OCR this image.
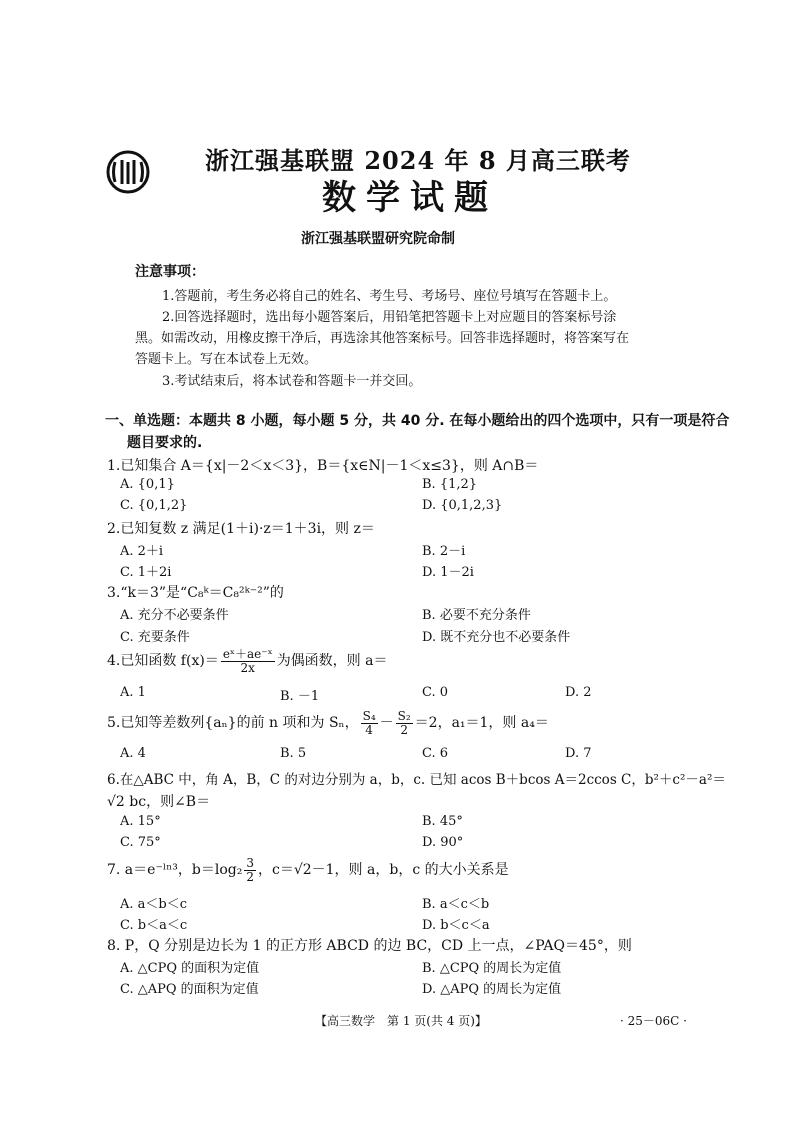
浙江强基联盟 2024 年 8 月高三联考
数学试题
浙江强基联盟研究院命制
注意事项：
1.答题前，考生务必将自己的姓名、考生号、考场号、座位号填写在答题卡上。
2.回答选择题时，选出每小题答案后，用铅笔把答题卡上对应题目的答案标号涂
黑。如需改动，用橡皮擦干净后，再选涂其他答案标号。回答非选择题时，将答案写在
答题卡上。写在本试卷上无效。
3.考试结束后，将本试卷和答题卡一并交回。
一、单选题：本题共 8 小题，每小题 5 分，共 40 分. 在每小题给出的四个选项中，只有一项是符合
题目要求的.
1.已知集合 A＝{x|－2＜x＜3}，B＝{x∈N|－1＜x≤3}，则 A∩B＝
A. {0,1}	B. {1,2}
C. {0,1,2}	D. {0,1,2,3}
2.已知复数 z 满足(1＋i)·z＝1＋3i，则 z＝
A. 2＋i	B. 2－i
C. 1＋2i	D. 1－2i
3.“k＝3”是“C₈ᵏ＝C₈²ᵏ⁻²”的
A. 充分不必要条件	B. 必要不充分条件
C. 充要条件	D. 既不充分也不必要条件
4.已知函数 $f(x)= \frac{\text{eˣ＋ae⁻ˣ}}{2x}$ 为偶函数，则 a＝
A. 1	B. －1	C. 0	D. 2
5.已知等差数列{aₙ}的前 n 项和为 Sₙ， $\frac{\text{S₄}}{4} - \frac{\text{S₂}}{2} =2$，a₁＝1，则 a₄＝
A. 4	B. 5	C. 6	D. 7
6.在△ABC 中，角 A，B，C 的对边分别为 a，b，c. 已知 acos B＋bcos A＝2ccos C，b²＋c²－a²＝
√2 bc，则∠B＝
A. 15°	B. 45°
C. 75°	D. 90°
7. a＝e⁻ˡⁿ³，$b=\log_2 \frac{3}{2}$ ，c＝√2－1，则 a，b，c 的大小关系是
A. a＜b＜c	B. a＜c＜b
C. b＜a＜c	D. b＜c＜a
8. P，Q 分别是边长为 1 的正方形 ABCD 的边 BC，CD 上一点，∠PAQ＝45°，则
A. △CPQ 的面积为定值	B. △CPQ 的周长为定值
C. △APQ 的面积为定值	D. △APQ 的周长为定值
【高三数学　第 1 页(共 4 页)】	· 25－06C ·
